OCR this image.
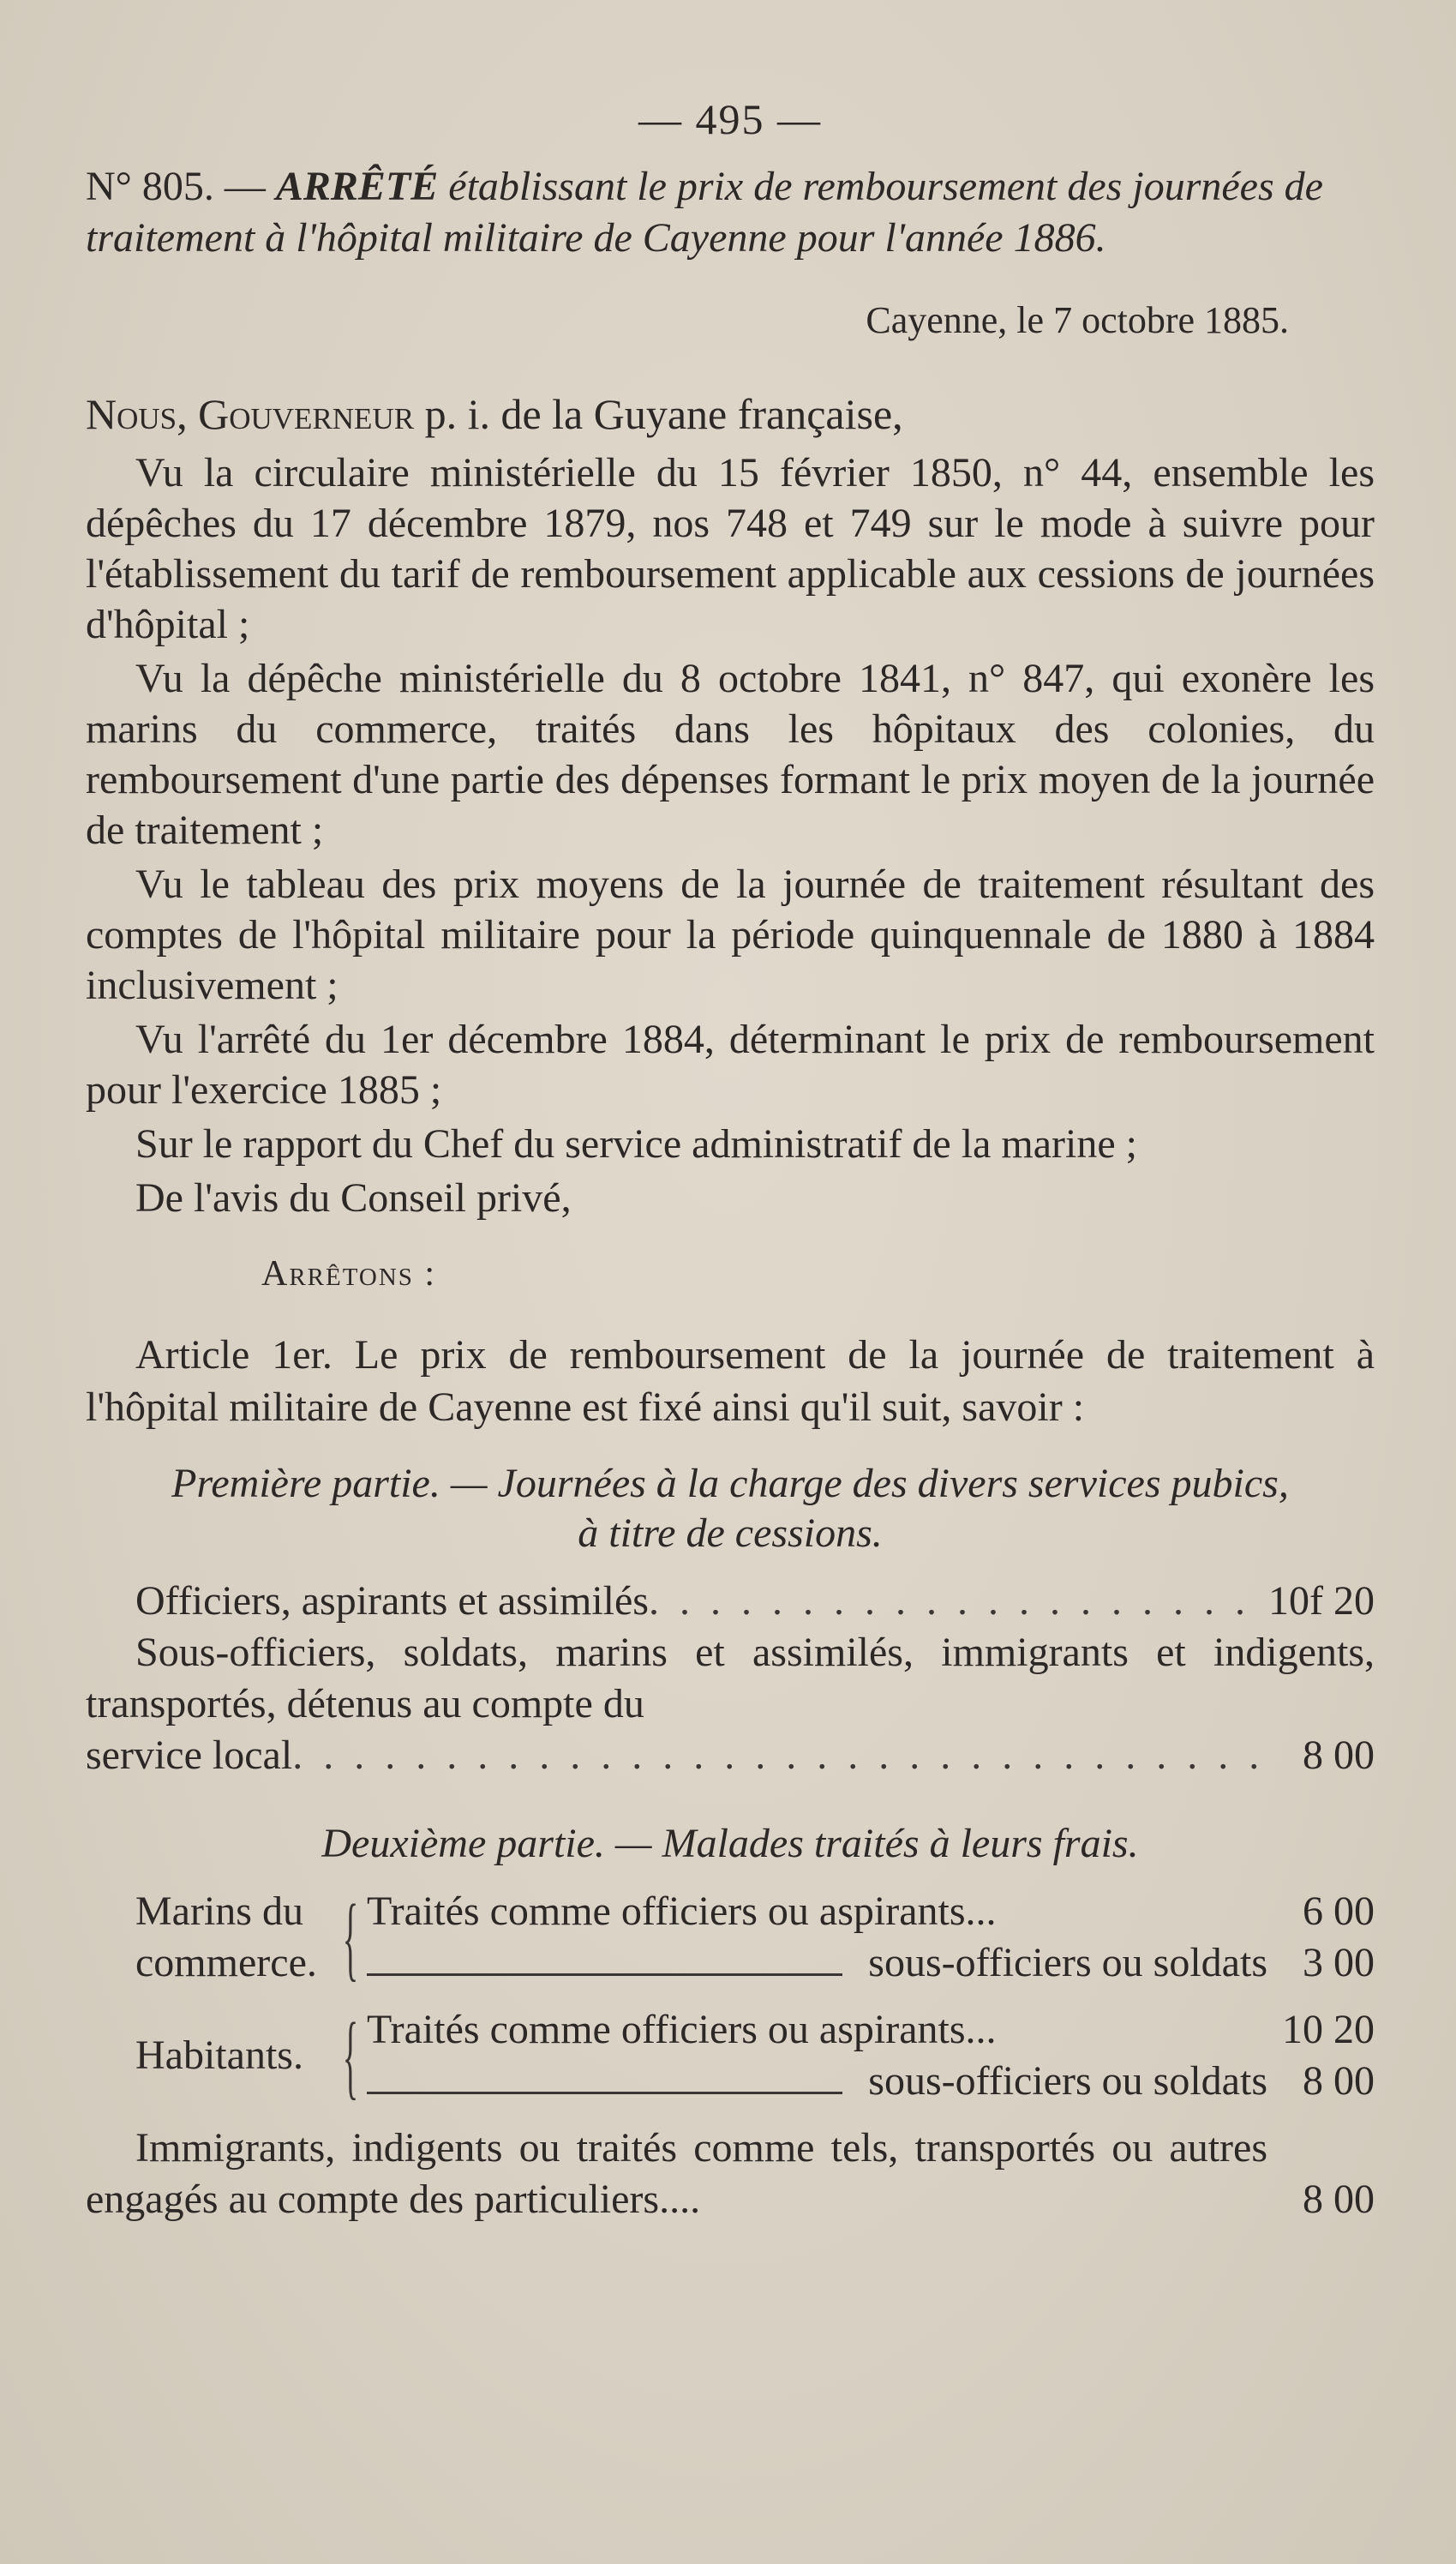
— 495 —
N° 805. — ARRÊTÉ établissant le prix de remboursement des journées de traitement à l'hôpital militaire de Cayenne pour l'année 1886.
Cayenne, le 7 octobre 1885.
Nous, Gouverneur p. i. de la Guyane française,

Vu la circulaire ministérielle du 15 février 1850, n° 44, ensemble les dépêches du 17 décembre 1879, nos 748 et 749 sur le mode à suivre pour l'établissement du tarif de remboursement applicable aux cessions de journées d'hôpital ;

Vu la dépêche ministérielle du 8 octobre 1841, n° 847, qui exonère les marins du commerce, traités dans les hôpitaux des colonies, du remboursement d'une partie des dépenses formant le prix moyen de la journée de traitement ;

Vu le tableau des prix moyens de la journée de traitement résultant des comptes de l'hôpital militaire pour la période quinquennale de 1880 à 1884 inclusivement ;

Vu l'arrêté du 1er décembre 1884, déterminant le prix de remboursement pour l'exercice 1885 ;

Sur le rapport du Chef du service administratif de la marine ;

De l'avis du Conseil privé,

Arrêtons :

Article 1er. Le prix de remboursement de la journée de traitement à l'hôpital militaire de Cayenne est fixé ainsi qu'il suit, savoir :

Première partie. — Journées à la charge des divers services pubics,
à titre de cessions.
Officiers, aspirants et assimilés . . .	10f 20

Sous-officiers, soldats, marins et assimilés, immigrants et indigents, transportés, détenus au compte du

service local . . .	8 00
Deuxième partie. — Malades traités à leurs frais.
Marins du commerce. { Traités comme officiers ou aspirants...	6 00
sous-officiers ou soldats 3 00
Habitants. { Traités comme officiers ou aspirants...	10 20
sous-officiers ou soldats 8 00
Immigrants, indigents ou traités comme tels, transportés ou autres engagés au compte des particuliers....	8 00
